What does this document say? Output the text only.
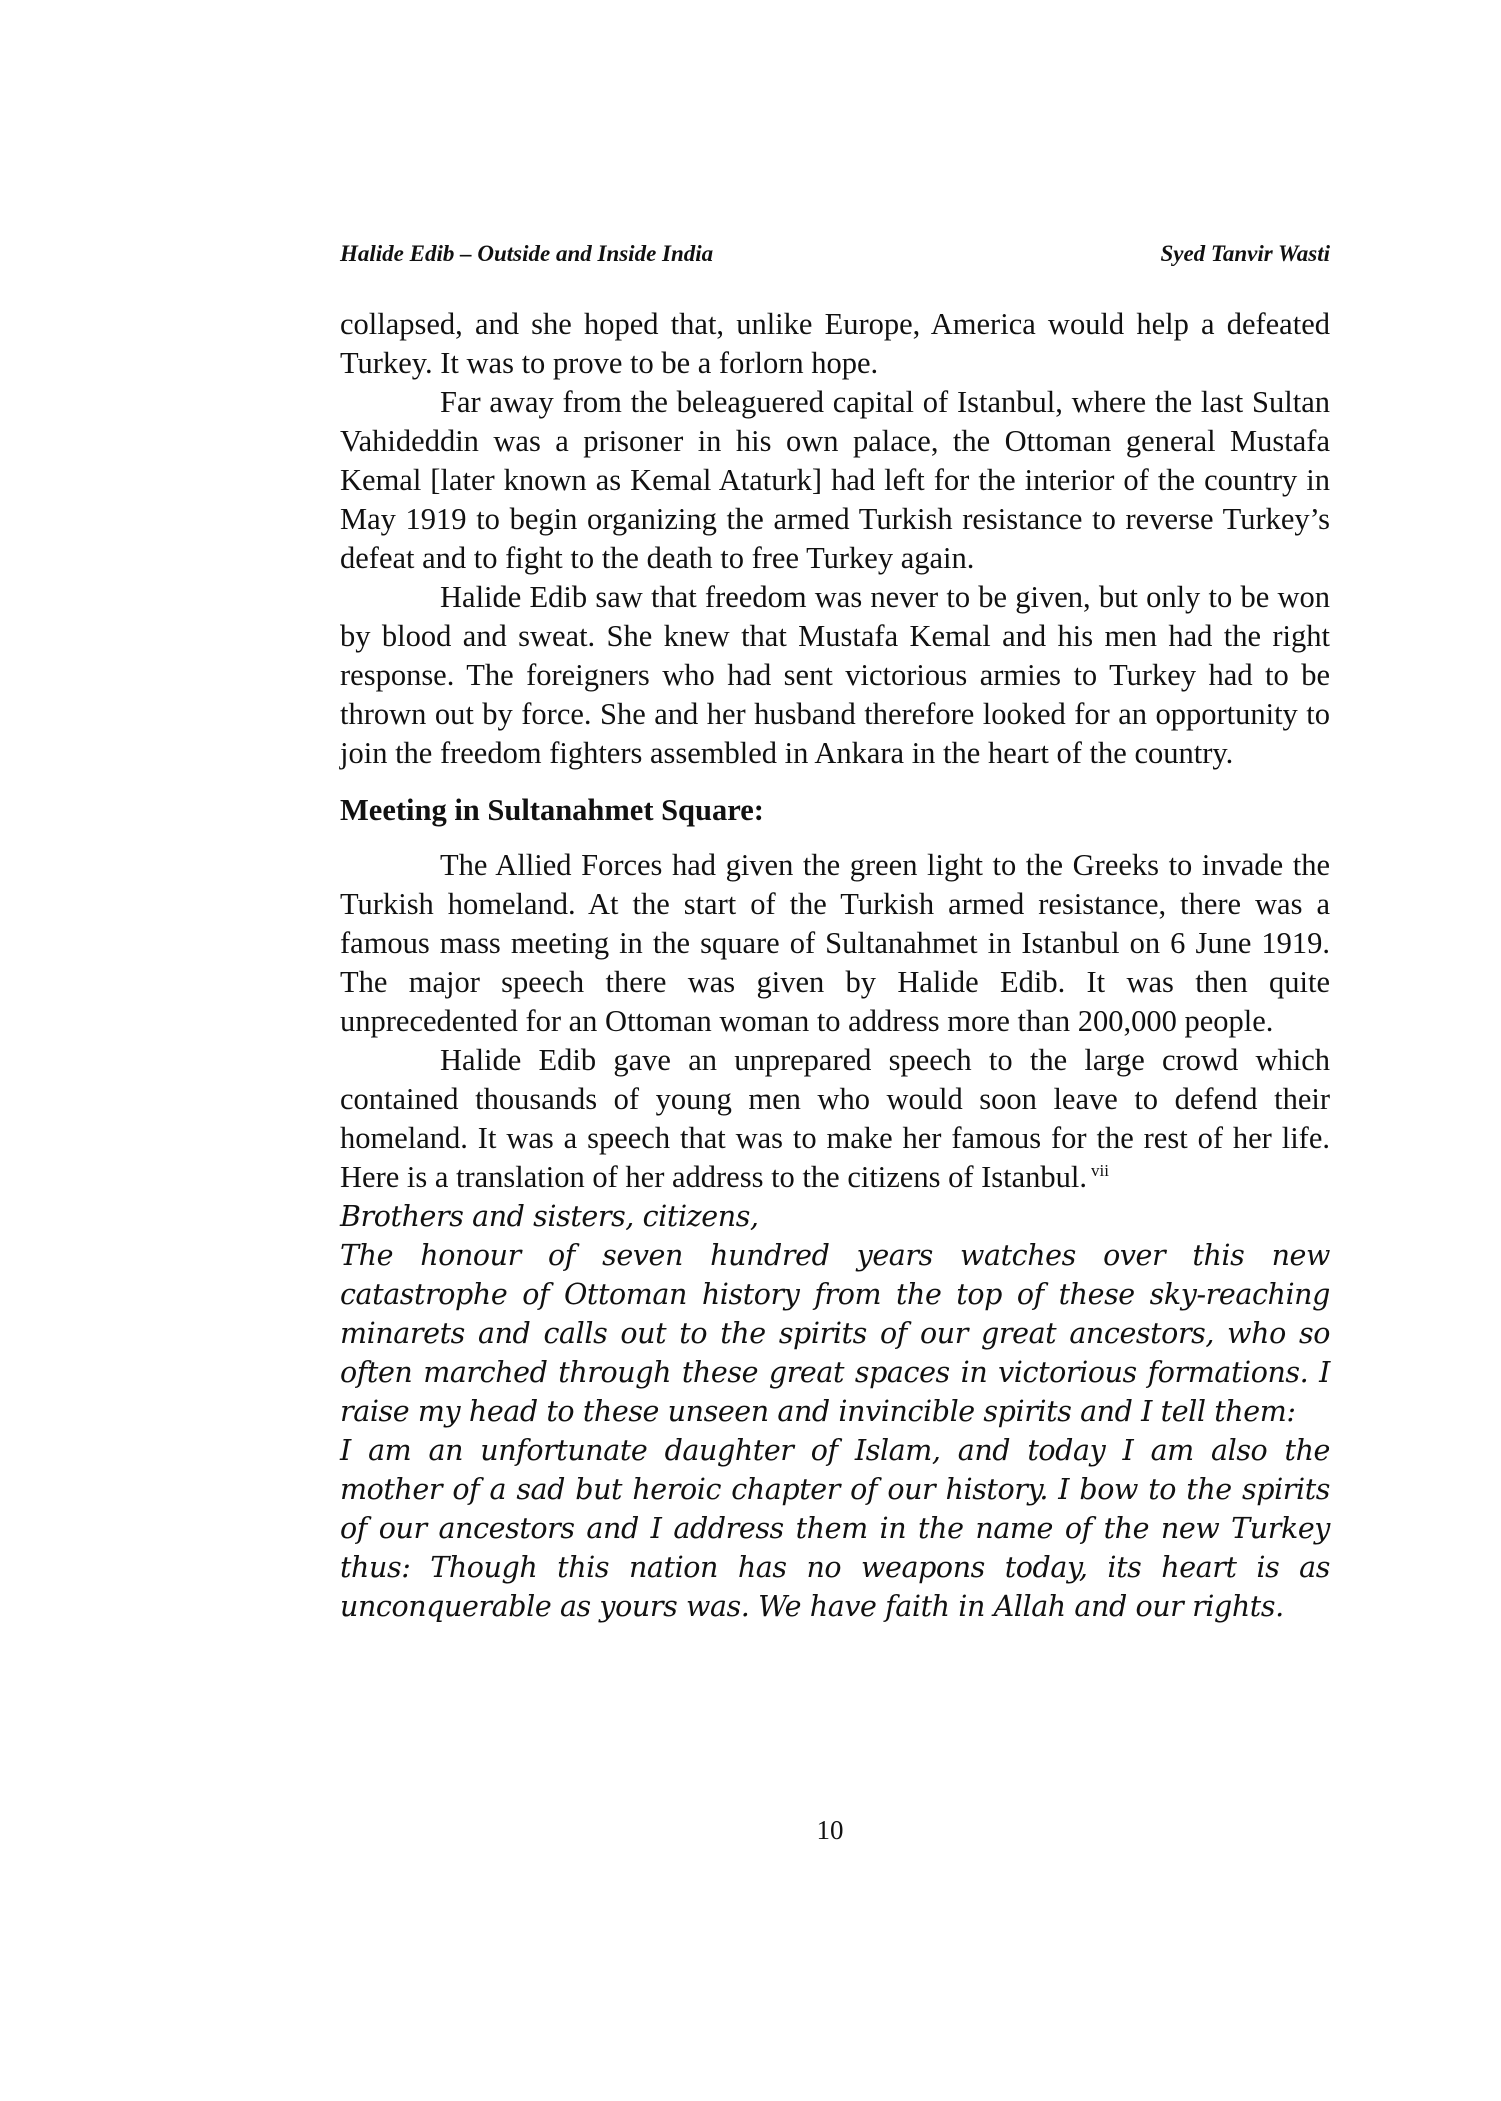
Halide Edib – Outside and Inside India	Syed Tanvir Wasti

collapsed, and she hoped that, unlike Europe, America would help a defeated Turkey. It was to prove to be a forlorn hope.

Far away from the beleaguered capital of Istanbul, where the last Sultan Vahideddin was a prisoner in his own palace, the Ottoman general Mustafa Kemal [later known as Kemal Ataturk] had left for the interior of the country in May 1919 to begin organizing the armed Turkish resistance to reverse Turkey’s defeat and to fight to the death to free Turkey again.

Halide Edib saw that freedom was never to be given, but only to be won by blood and sweat. She knew that Mustafa Kemal and his men had the right response. The foreigners who had sent victorious armies to Turkey had to be thrown out by force. She and her husband therefore looked for an opportunity to join the freedom fighters assembled in Ankara in the heart of the country.

Meeting in Sultanahmet Square:

The Allied Forces had given the green light to the Greeks to invade the Turkish homeland. At the start of the Turkish armed resistance, there was a famous mass meeting in the square of Sultanahmet in Istanbul on 6 June 1919. The major speech there was given by Halide Edib. It was then quite unprecedented for an Ottoman woman to address more than 200,000 people.

Halide Edib gave an unprepared speech to the large crowd which contained thousands of young men who would soon leave to defend their homeland. It was a speech that was to make her famous for the rest of her life. Here is a translation of her address to the citizens of Istanbul. $^{vii}$

Brothers and sisters, citizens,

The honour of seven hundred years watches over this new catastrophe of Ottoman history from the top of these sky-reaching minarets and calls out to the spirits of our great ancestors, who so often marched through these great spaces in victorious formations. I raise my head to these unseen and invincible spirits and I tell them:

I am an unfortunate daughter of Islam, and today I am also the mother of a sad but heroic chapter of our history. I bow to the spirits of our ancestors and I address them in the name of the new Turkey thus: Though this nation has no weapons today, its heart is as unconquerable as yours was. We have faith in Allah and our rights.

10
